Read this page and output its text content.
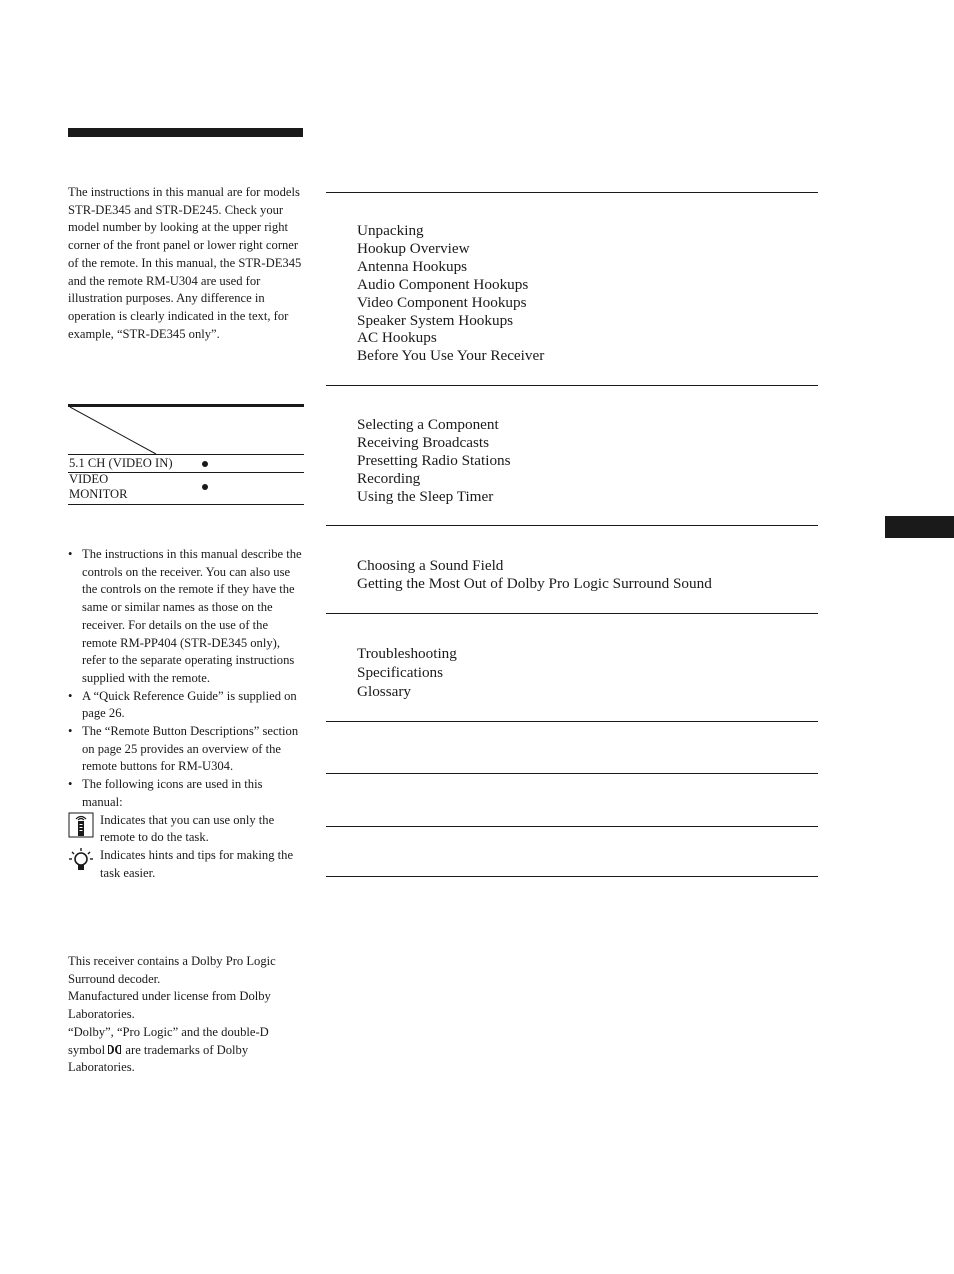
The instructions in this manual are for models STR-DE345 and STR-DE245. Check your model number by looking at the upper right corner of the front panel or lower right corner of the remote. In this manual, the STR-DE345 and the remote RM-U304 are used for illustration purposes. Any difference in operation is clearly indicated in the text, for example, “STR-DE345 only”.
5.1 CH (VIDEO IN)
VIDEO MONITOR
• The instructions in this manual describe the controls on the receiver. You can also use the controls on the remote if they have the same or similar names as those on the receiver. For details on the use of the remote RM-PP404 (STR-DE345 only), refer to the separate operating instructions supplied with the remote.
• A “Quick Reference Guide” is supplied on page 26.
• The “Remote Button Descriptions” section on page 25 provides an overview of the remote buttons for RM-U304.
• The following icons are used in this manual:
Indicates that you can use only the remote to do the task.
Indicates hints and tips for making the task easier.
This receiver contains a Dolby Pro Logic Surround decoder.
Manufactured under license from Dolby Laboratories.
“Dolby”, “Pro Logic” and the double-D symbol are trademarks of Dolby Laboratories.
Unpacking
Hookup Overview
Antenna Hookups
Audio Component Hookups
Video Component Hookups
Speaker System Hookups
AC Hookups
Before You Use Your Receiver
Selecting a Component
Receiving Broadcasts
Presetting Radio Stations
Recording
Using the Sleep Timer
Choosing a Sound Field
Getting the Most Out of Dolby Pro Logic Surround Sound
Troubleshooting
Specifications
Glossary
